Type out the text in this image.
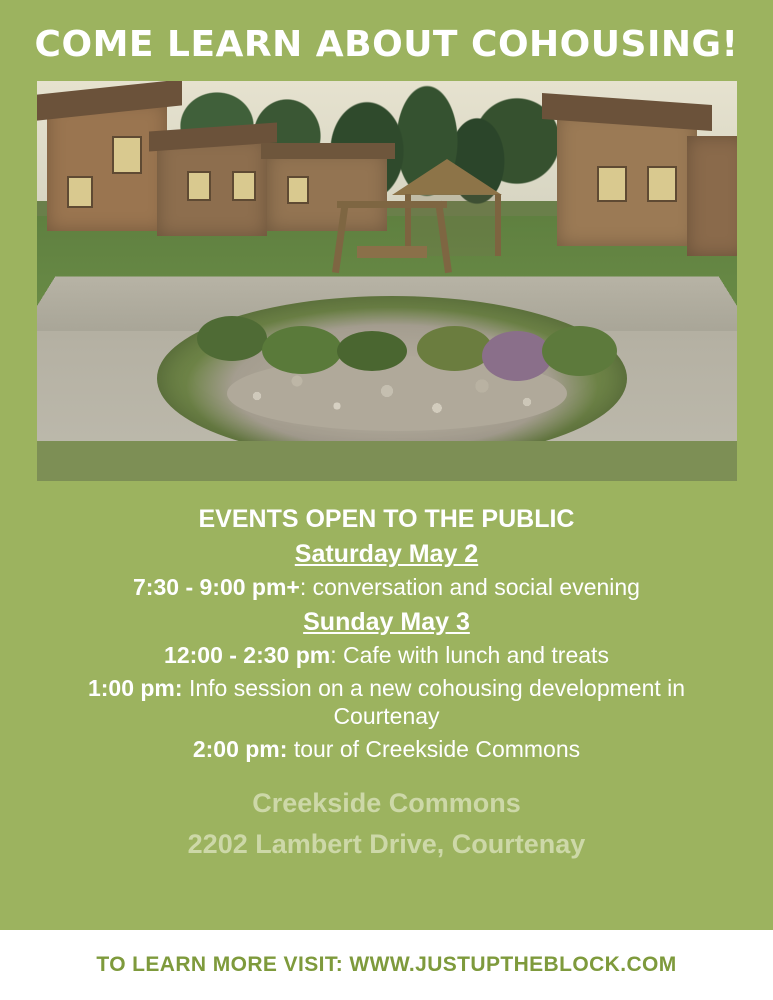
COME LEARN ABOUT COHOUSING!
EVENTS OPEN TO THE PUBLIC
Saturday May 2
7:30 - 9:00 pm+: conversation and social evening
Sunday May 3
12:00 - 2:30 pm: Cafe with lunch and treats
1:00 pm: Info session on a new cohousing development in Courtenay
2:00 pm: tour of Creekside Commons
Creekside Commons
2202 Lambert Drive, Courtenay
TO LEARN MORE VISIT: WWW.JUSTUPTHEBLOCK.COM
